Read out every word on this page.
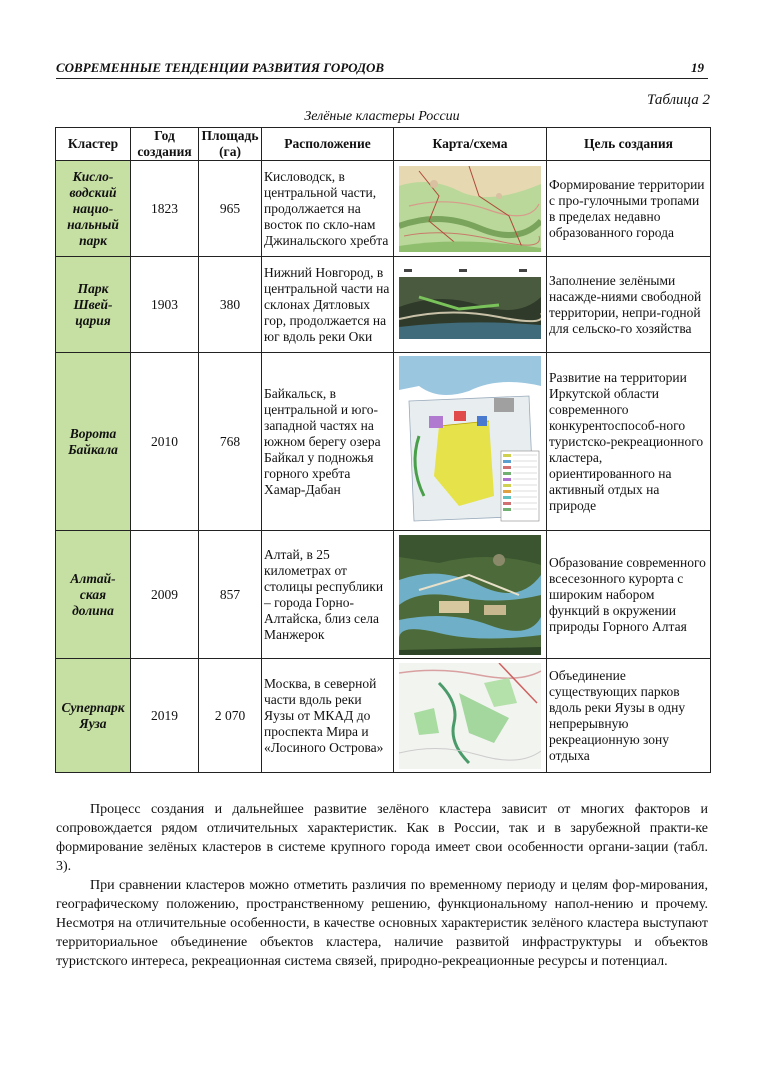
СОВРЕМЕННЫЕ ТЕНДЕНЦИИ РАЗВИТИЯ ГОРОДОВ	19
Таблица 2
Зелёные кластеры России
Кластер	Год создания	Площадь (га)	Расположение	Карта/схема	Цель создания
Кисло-водский нацио-нальный парк	1823	965	Кисловодск, в центральной части, продолжается на восток по скло-нам Джинальского хребта		Формирование территории с про-гулочными тропами в пределах недавно образованного города
Парк Швей-цария	1903	380	Нижний Новгород, в центральной части на склонах Дятловых гор, продолжается на юг вдоль реки Оки		Заполнение зелёными насажде-ниями свободной территории, непри-годной для сельско-го хозяйства
Ворота Байкала	2010	768	Байкальск, в центральной и юго-западной частях на южном берегу озера Байкал у подножья горного хребта Хамар-Дабан		Развитие на территории Иркутской области современного конкурентоспособ-ного туристско-рекреационного кластера, ориентированного на активный отдых на природе
Алтай-ская долина	2009	857	Алтай, в 25 километрах от столицы республики – города Горно-Алтайска, близ села Манжерок		Образование современного всесезонного курорта с широким набором функций в окружении природы Горного Алтая
Суперпарк Яуза	2019	2 070	Москва, в северной части вдоль реки Яузы от МКАД до проспекта Мира и «Лосиного Острова»		Объединение существующих парков вдоль реки Яузы в одну непрерывную рекреационную зону отдыха
Процесс создания и дальнейшее развитие зелёного кластера зависит от многих факторов и сопровождается рядом отличительных характеристик. Как в России, так и в зарубежной практи-ке формирование зелёных кластеров в системе крупного города имеет свои особенности органи-зации (табл. 3).
При сравнении кластеров можно отметить различия по временному периоду и целям фор-мирования, географическому положению, пространственному решению, функциональному напол-нению и прочему. Несмотря на отличительные особенности, в качестве основных характеристик зелёного кластера выступают территориальное объединение объектов кластера, наличие развитой инфраструктуры и объектов туристского интереса, рекреационная система связей, природно-рекреационные ресурсы и потенциал.
